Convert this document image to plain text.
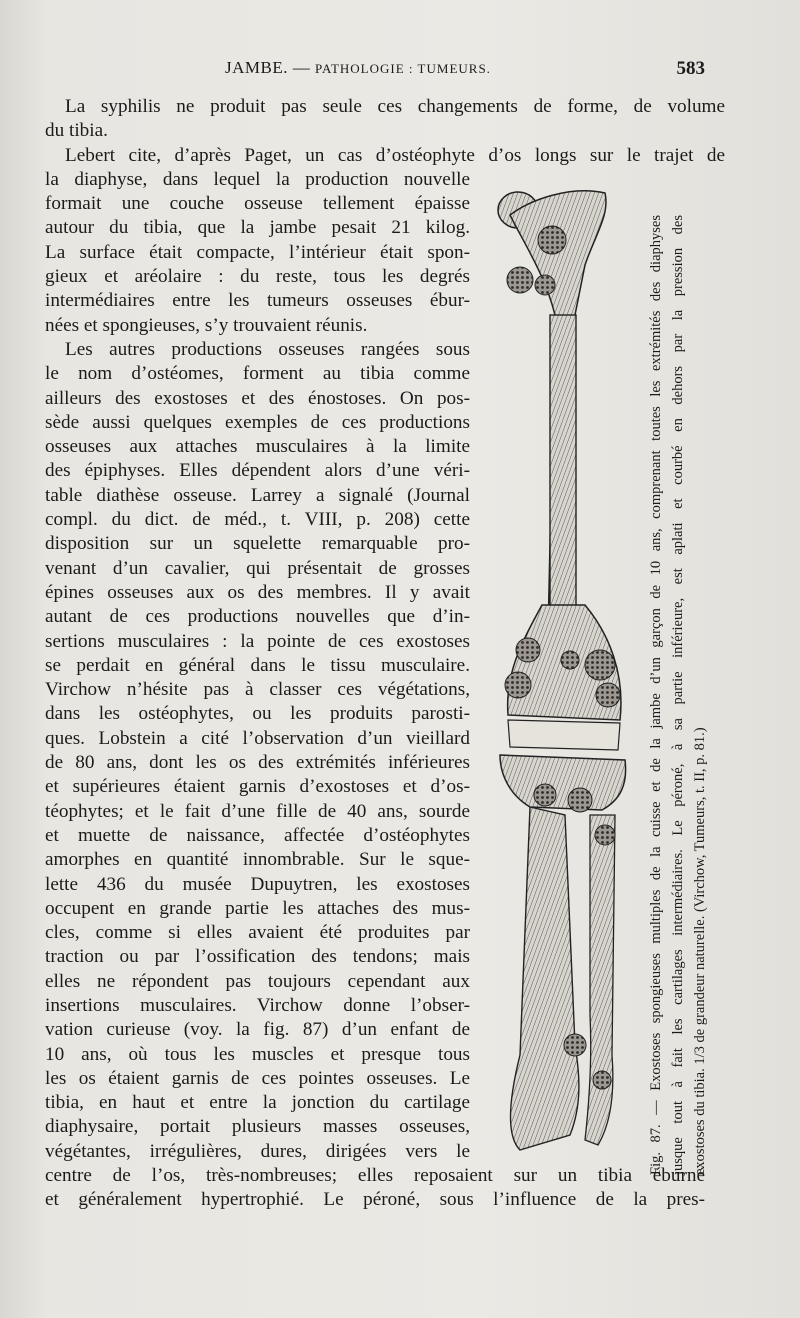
JAMBE. — PATHOLOGIE : TUMEURS.	583
La syphilis ne produit pas seule ces changements de forme, de volume
du tibia.
Lebert cite, d’après Paget, un cas d’ostéophyte d’os longs sur le trajet de
la diaphyse, dans lequel la production nouvelle
formait une couche osseuse tellement épaisse
autour du tibia, que la jambe pesait 21 kilog.
La surface était compacte, l’intérieur était spon-
gieux et aréolaire : du reste, tous les degrés
intermédiaires entre les tumeurs osseuses ébur-
nées et spongieuses, s’y trouvaient réunis.
Les autres productions osseuses rangées sous
le nom d’ostéomes, forment au tibia comme
ailleurs des exostoses et des énostoses. On pos-
sède aussi quelques exemples de ces productions
osseuses aux attaches musculaires à la limite
des épiphyses. Elles dépendent alors d’une véri-
table diathèse osseuse. Larrey a signalé (Journal
compl. du dict. de méd., t. VIII, p. 208) cette
disposition sur un squelette remarquable pro-
venant d’un cavalier, qui présentait de grosses
épines osseuses aux os des membres. Il y avait
autant de ces productions nouvelles que d’in-
sertions musculaires : la pointe de ces exostoses
se perdait en général dans le tissu musculaire.
Virchow n’hésite pas à classer ces végétations,
dans les ostéophytes, ou les produits parosti-
ques. Lobstein a cité l’observation d’un vieillard
de 80 ans, dont les os des extrémités inférieures
et supérieures étaient garnis d’exostoses et d’os-
téophytes; et le fait d’une fille de 40 ans, sourde
et muette de naissance, affectée d’ostéophytes
amorphes en quantité innombrable. Sur le sque-
lette 436 du musée Dupuytren, les exostoses
occupent en grande partie les attaches des mus-
cles, comme si elles avaient été produites par
traction ou par l’ossification des tendons; mais
elles ne répondent pas toujours cependant aux
insertions musculaires. Virchow donne l’obser-
vation curieuse (voy. la fig. 87) d’un enfant de
10 ans, où tous les muscles et presque tous
les os étaient garnis de ces pointes osseuses. Le
tibia, en haut et entre la jonction du cartilage
diaphysaire, portait plusieurs masses osseuses,
végétantes, irrégulières, dures, dirigées vers le
centre de l’os, très-nombreuses; elles reposaient sur un tibia éburné
et généralement hypertrophié. Le péroné, sous l’influence de la pres-
Fig. 87. — Exostoses spongieuses multiples de la cuisse et de la jambe d’un garçon de 10 ans, comprenant toutes les extrémités des diaphyses jusque tout à fait les cartilages intermédiaires. Le péroné, à sa partie inférieure, est aplati et courbé en dehors par la pression des exostoses du tibia. 1/3 de grandeur naturelle. (Virchow, Tumeurs, t. II, p. 81.)
